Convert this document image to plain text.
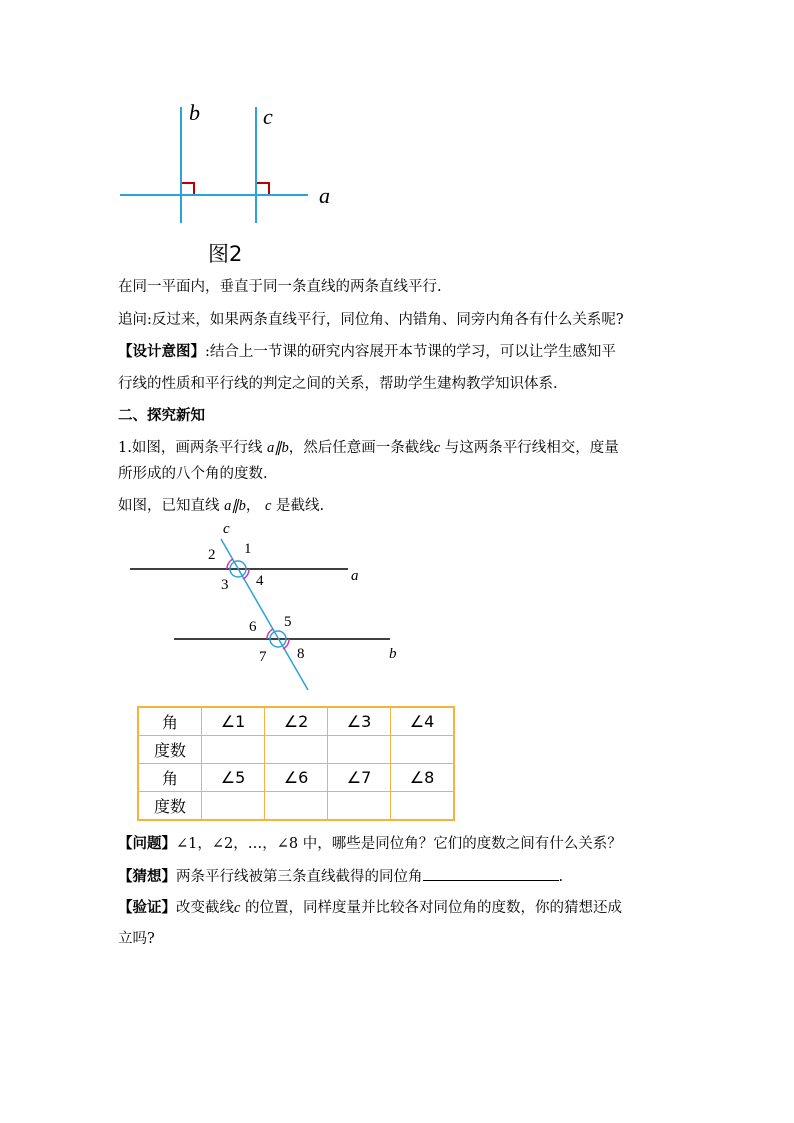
b	c
a
图2
在同一平面内，垂直于同一条直线的两条直线平行.
追问:反过来，如果两条直线平行，同位角、内错角、同旁内角各有什么关系呢?
【设计意图】:结合上一节课的研究内容展开本节课的学习，可以让学生感知平
行线的性质和平行线的判定之间的关系，帮助学生建构教学知识体系.
二、探究新知
1.如图，画两条平行线 a∥b，然后任意画一条截线c 与这两条平行线相交，度量
所形成的八个角的度数.
如图，已知直线 a∥b， c 是截线.
c
a
b
1
2
3 4
5
6
7 8
角	∠1	∠2	∠3	∠4
度数				
角	∠5	∠6	∠7	∠8
度数				
【问题】∠1，∠2，…，∠8 中，哪些是同位角？它们的度数之间有什么关系？
【猜想】两条平行线被第三条直线截得的同位角	.
【验证】改变截线c 的位置，同样度量并比较各对同位角的度数，你的猜想还成
立吗?
